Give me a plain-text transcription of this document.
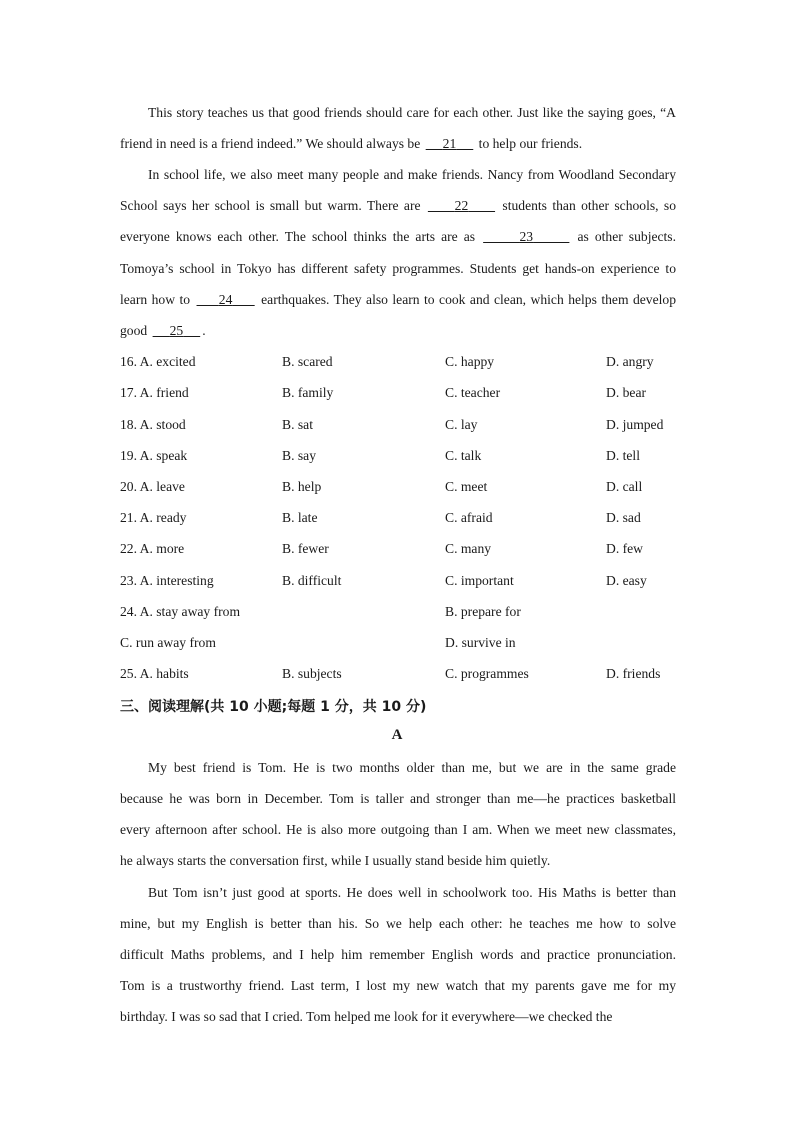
This story teaches us that good friends should care for each other. Just like the saying goes, “A
friend in need is a friend indeed.” We should always be      21      to help our friends.
In school life, we also meet many people and make friends. Nancy from Woodland Secondary
School says her school is small but warm. There are      22      students than other schools, so
everyone knows each other. The school thinks the arts are as	23	as other subjects.
Tomoya’s school in Tokyo has different safety programmes. Students get hands-on experience to
learn how to      24      earthquakes. They also learn to cook and clean, which helps them develop
good      25 .
16. A. excited	B. scared	C. happy	D. angry
17. A. friend	B. family	C. teacher	D. bear
18. A. stood	B. sat	C. lay	D. jumped
19. A. speak	B. say	C. talk	D. tell
20. A. leave	B. help	C. meet	D. call
21. A. ready	B. late	C. afraid	D. sad
22. A. more	B. fewer	C. many	D. few
23. A. interesting	B. difficult	C. important	D. easy
24. A. stay away from	B. prepare for
C. run away from	D. survive in
25. A. habits	B. subjects	C. programmes	D. friends
三、阅读理解(共 10 小题;每题 1 分，共 10 分)
A
My best friend is Tom. He is two months older than me, but we are in the same grade
because he was born in December. Tom is taller and stronger than me—he practices basketball
every afternoon after school. He is also more outgoing than I am. When we meet new classmates,
he always starts the conversation first, while I usually stand beside him quietly.
But Tom isn’t just good at sports. He does well in schoolwork too. His Maths is better than
mine, but my English is better than his. So we help each other: he teaches me how to solve
difficult Maths problems, and I help him remember English words and practice pronunciation.
Tom is a trustworthy friend. Last term, I lost my new watch that my parents gave me for my
birthday. I was so sad that I cried. Tom helped me look for it everywhere—we checked the
